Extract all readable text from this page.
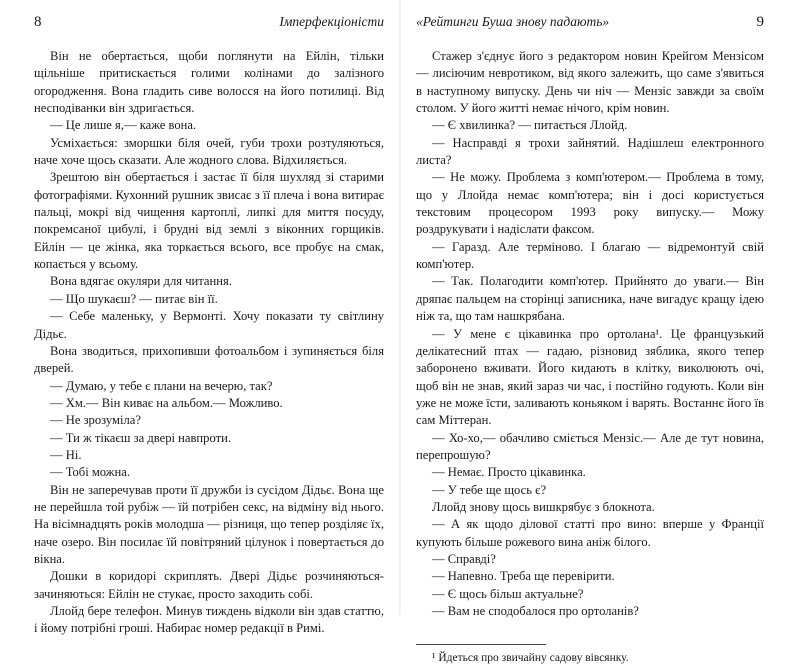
8	Імперфекціоністи

Він не обертається, щоби поглянути на Ейлін, тільки щільніше притискається голими колінами до залізного огородження. Вона гладить сиве волосся на його потилиці. Від несподіванки він здригається.

— Це лише я,— каже вона.

Усміхається: зморшки біля очей, губи трохи розтуляються, наче хоче щось сказати. Але жодного слова. Відхиляється.

Зрештою він обертається і застає її біля шухляд зі старими фотографіями. Кухонний рушник звисає з її плеча і вона витирає пальці, мокрі від чищення картоплі, липкі для миття посуду, покремсаної цибулі, і брудні від землі з віконних горщиків. Ейлін — це жінка, яка торкається всього, все пробує на смак, копається у всьому.

Вона вдягає окуляри для читання.

— Що шукаєш? — питає він її.

— Себе маленьку, у Вермонті. Хочу показати ту світлину Дідьє.

Вона зводиться, прихопивши фотоальбом і зупиняється біля дверей.

— Думаю, у тебе є плани на вечерю, так?

— Хм.— Він киває на альбом.— Можливо.

— Не зрозуміла?

— Ти ж тікаєш за двері навпроти.

— Ні.

— Тобі можна.

Він не заперечував проти її дружби із сусідом Дідьє. Вона ще не перейшла той рубіж — їй потрібен секс, на відміну від нього. На вісімнадцять років молодша — різниця, що тепер розділяє їх, наче озеро. Він посилає їй повітряний цілунок і повертається до вікна.

Дошки в коридорі скриплять. Двері Дідьє розчиняються-зачиняються: Ейлін не стукає, просто заходить собі.

Ллойд бере телефон. Минув тиждень відколи він здав статтю, і йому потрібні гроші. Набирає номер редакції в Римі.

«Рейтинги Буша знову падають»	9

Стажер з'єднує його з редактором новин Крейгом Мензісом — лисіючим невротиком, від якого залежить, що саме з'явиться в наступному випуску. День чи ніч — Мензіс завжди за своїм столом. У його житті немає нічого, крім новин.

— Є хвилинка? — питається Ллойд.

— Насправді я трохи зайнятий. Надішлеш електронного листа?

— Не можу. Проблема з комп'ютером.— Проблема в тому, що у Ллойда немає комп'ютера; він і досі користується текстовим процесором 1993 року випуску.— Можу роздрукувати і надіслати факсом.

— Гаразд. Але терміново. І благаю — відремонтуй свій комп'ютер.

— Так. Полагодити комп'ютер. Прийнято до уваги.— Він дряпає пальцем на сторінці записника, наче вигадує кращу ідею ніж та, що там нашкрябана.

— У мене є цікавинка про ортолана¹. Це французький делікатесний птах — гадаю, різновид зяблика, якого тепер заборонено вживати. Його кидають в клітку, виколюють очі, щоб він не знав, який зараз чи час, і постійно годують. Коли він уже не може їсти, заливають коньяком і варять. Востаннє його їв сам Міттеран.

— Хо-хо,— обачливо сміється Мензіс.— Але де тут новина, перепрошую?

— Немає. Просто цікавинка.

— У тебе ще щось є?

Ллойд знову щось вишкрябує з блокнота.

— А як щодо ділової статті про вино: вперше у Франції купують більше рожевого вина аніж білого.

— Справді?

— Напевно. Треба ще перевірити.

— Є щось більш актуальне?

— Вам не сподобалося про ортоланів?

¹ Йдеться про звичайну садову вівсянку.
